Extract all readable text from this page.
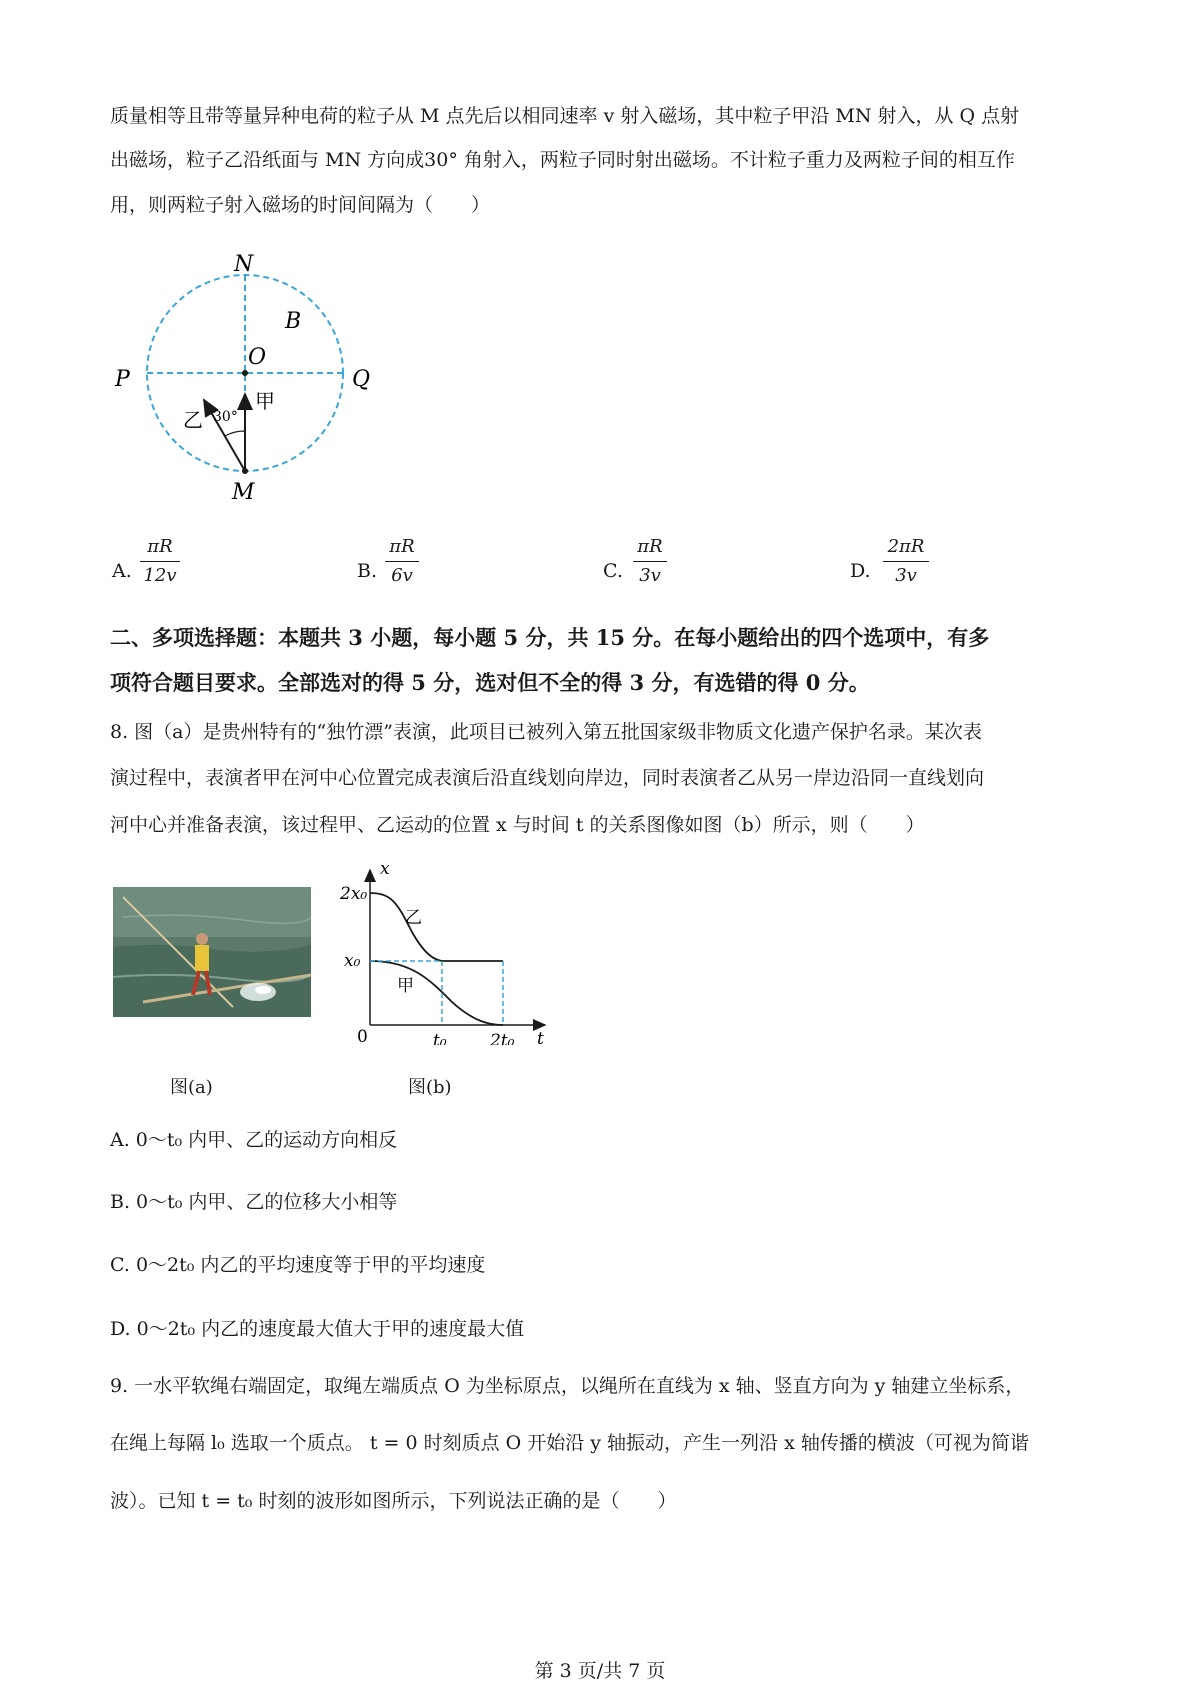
质量相等且带等量异种电荷的粒子从 M 点先后以相同速率 v 射入磁场，其中粒子甲沿 MN 射入，从 Q 点射
出磁场，粒子乙沿纸面与 MN 方向成30° 角射入，两粒子同时射出磁场。不计粒子重力及两粒子间的相互作
用，则两粒子射入磁场的时间间隔为（　　）
N
B
O
P	Q
M
甲
乙 30°
A.
πR
12v	B.
πR
6v	C.
πR
3v	D.
2πR
3v
二、多项选择题：本题共 3 小题，每小题 5 分，共 15 分。在每小题给出的四个选项中，有多
项符合题目要求。全部选对的得 5 分，选对但不全的得 3 分，有选错的得 0 分。
8. 图（a）是贵州特有的“独竹漂”表演，此项目已被列入第五批国家级非物质文化遗产保护名录。某次表
演过程中，表演者甲在河中心位置完成表演后沿直线划向岸边，同时表演者乙从另一岸边沿同一直线划向
河中心并准备表演，该过程甲、乙运动的位置 x 与时间 t 的关系图像如图（b）所示，则（　　）
图(a)
x
t
2x₀
x₀
0	t₀	2t₀
乙
甲
图(b)
A. 0～t₀ 内甲、乙的运动方向相反
B. 0～t₀ 内甲、乙的位移大小相等
C. 0～2t₀ 内乙的平均速度等于甲的平均速度
D. 0～2t₀ 内乙的速度最大值大于甲的速度最大值
9. 一水平软绳右端固定，取绳左端质点 O 为坐标原点，以绳所在直线为 x 轴、竖直方向为 y 轴建立坐标系，
在绳上每隔 l₀ 选取一个质点。 t = 0 时刻质点 O 开始沿 y 轴振动，产生一列沿 x 轴传播的横波（可视为简谐
波）。已知 t = t₀ 时刻的波形如图所示，下列说法正确的是（　　）
第 3 页/共 7 页
